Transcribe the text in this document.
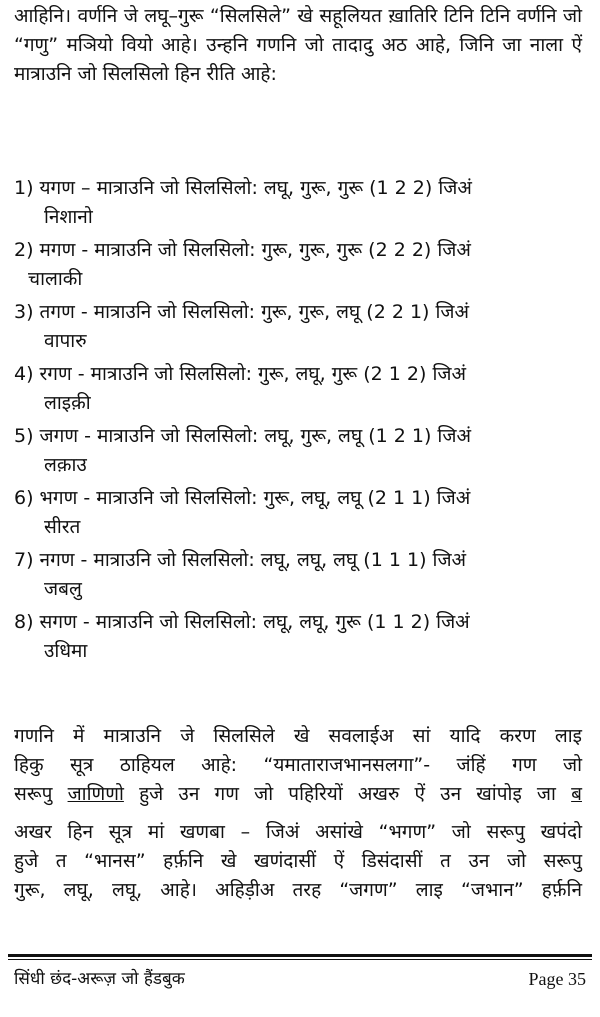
आहिनि। वर्णनि जे लघू–गुरू “सिलसिले” खे सहूलियत ख़ातिरि टिनि टिनि वर्णनि जो “गणु” मञियो वियो आहे। उन्हनि गणनि जो तादादु अठ आहे, जिनि जा नाला ऐं मात्राउनि जो सिलसिलो हिन रीति आहे:
1) यगण – मात्राउनि जो सिलसिलो: लघू, गुरू, गुरू (1 2 2) जिअं
निशानो
2) मगण - मात्राउनि जो सिलसिलो: गुरू, गुरू, गुरू (2 2 2) जिअं
चालाकी
3) तगण - मात्राउनि जो सिलसिलो: गुरू, गुरू, लघू (2 2 1) जिअं
वापारु
4) रगण - मात्राउनि जो सिलसिलो: गुरू, लघू, गुरू (2 1 2) जिअं
लाइक़ी
5) जगण - मात्राउनि जो सिलसिलो: लघू, गुरू, लघू (1 2 1) जिअं
लक़ाउ
6) भगण - मात्राउनि जो सिलसिलो: गुरू, लघू, लघू (2 1 1) जिअं
सीरत
7) नगण - मात्राउनि जो सिलसिलो: लघू, लघू, लघू (1 1 1) जिअं
जबलु
8) सगण - मात्राउनि जो सिलसिलो: लघू, लघू, गुरू (1 1 2) जिअं
उधिमा
गणनि में मात्राउनि जे सिलसिले खे सवलाईअ सां यादि करण लाइ
हिकु सूत्र ठाहियल आहे: “यमाताराजभानसलगा”- जंहिं गण जो
सरूपु जाणिणो हुजे उन गण जो पहिरियों अखरु ऐं उन खांपोइ जा ब
अखर हिन सूत्र मां खणबा – जिअं असांखे “भगण” जो सरूपु खपंदो
हुजे त “भानस” हर्फ़नि खे खणंदासीं ऐं डिसंदासीं त उन जो सरूपु
गुरू, लघू, लघू, आहे। अहिड़ीअ तरह “जगण” लाइ “जभान” हर्फ़नि
सिंधी छंद-अरूज़ जो हैंडबुक	Page 35
